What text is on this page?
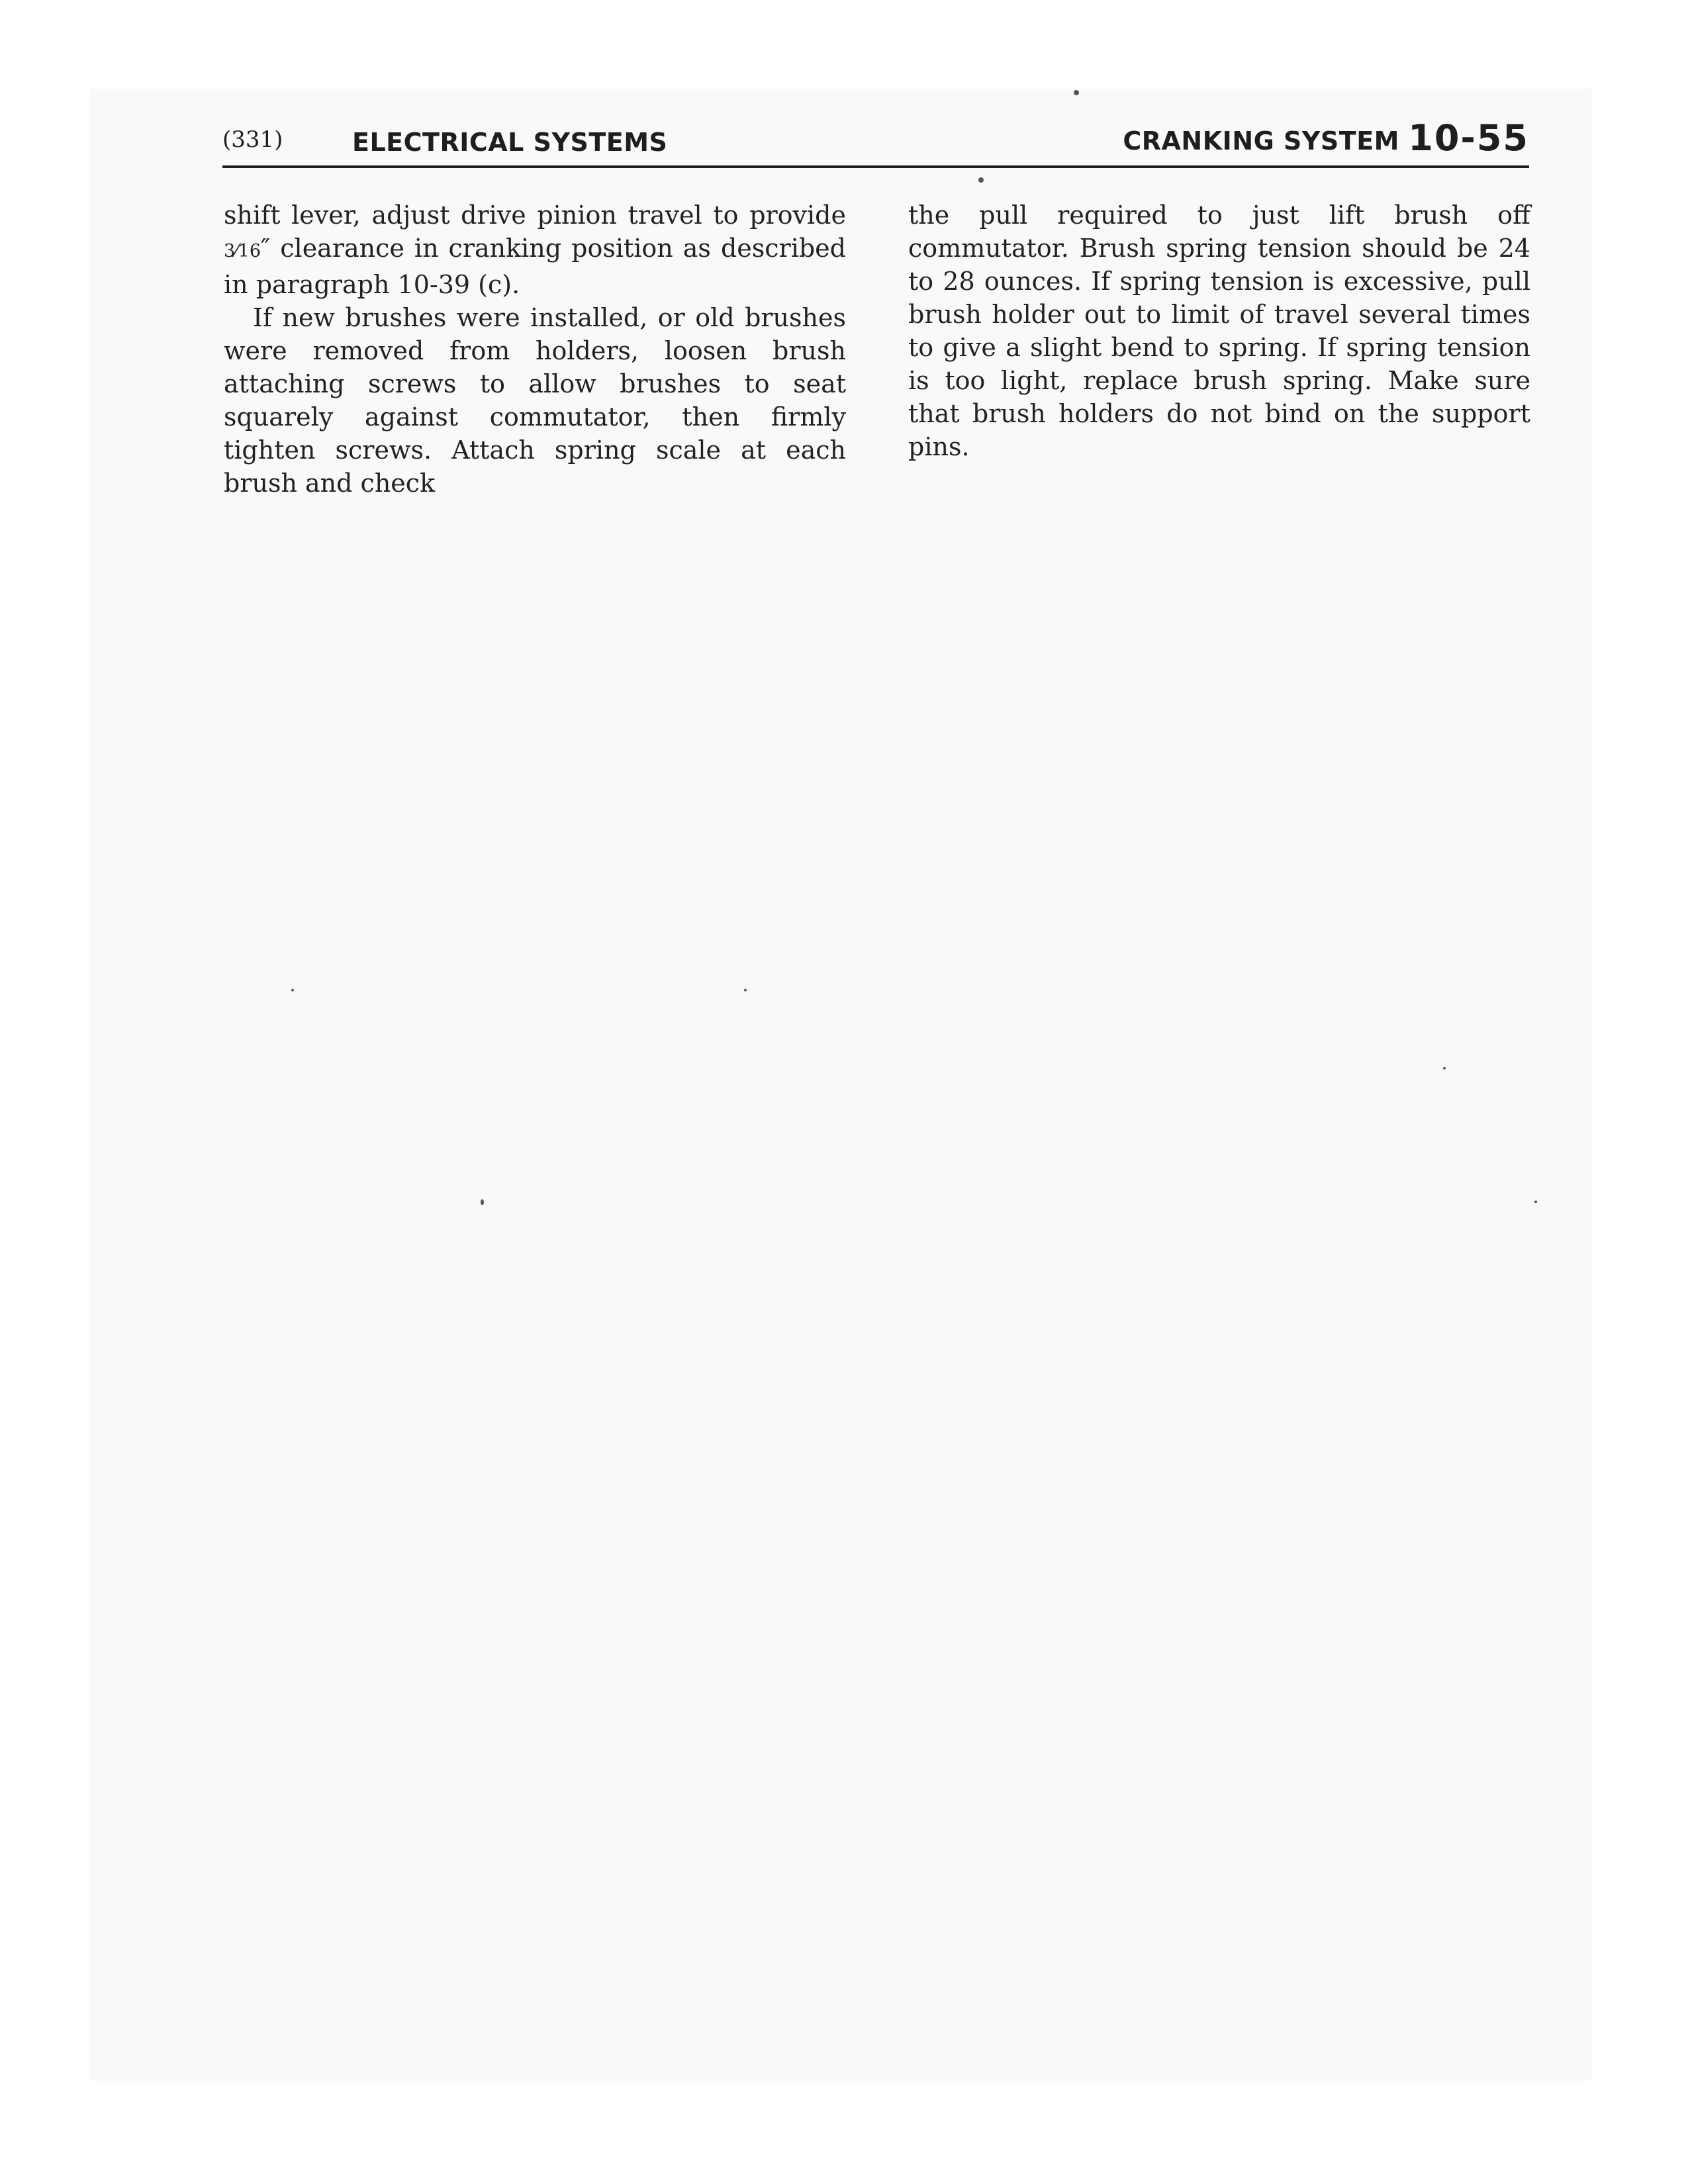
(331)	ELECTRICAL SYSTEMS	CRANKING SYSTEM 10-55

shift lever, adjust drive pinion travel to provide 3⁄16″ clearance in cranking position as described in paragraph 10-39 (c).

If new brushes were installed, or old brushes were removed from holders, loosen brush attaching screws to allow brushes to seat squarely against commutator, then firmly tighten screws. Attach spring scale at each brush and check

the pull required to just lift brush off commutator. Brush spring tension should be 24 to 28 ounces. If spring tension is excessive, pull brush holder out to limit of travel several times to give a slight bend to spring. If spring tension is too light, replace brush spring. Make sure that brush holders do not bind on the support pins.
